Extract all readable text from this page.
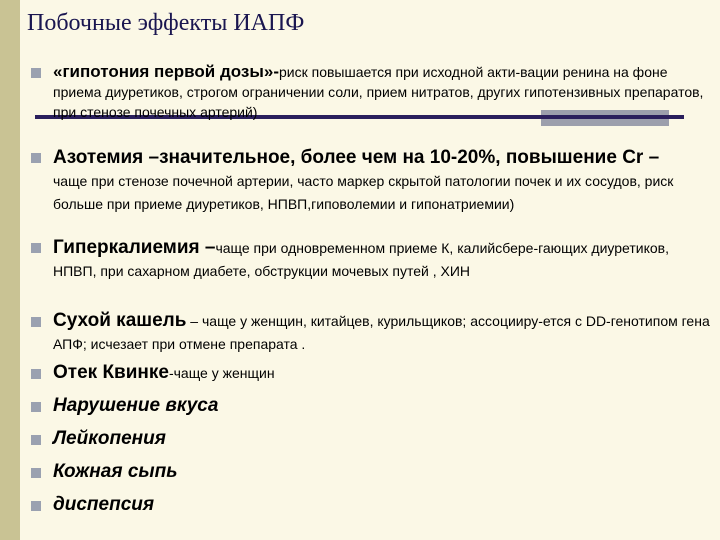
Побочные эффекты ИАПФ
«гипотония первой дозы»-риск повышается при исходной акти-вации ренина на фоне приема диуретиков, строгом ограничении соли, прием нитратов, других гипотензивных препаратов, при стенозе почечных артерий)
Азотемия –значительное, более чем на 10-20%, повышение Cr –
чаще при стенозе почечной артерии, часто маркер скрытой патологии почек и их сосудов, риск больше при приеме диуретиков, НПВП,гиповолемии и гипонатриемии)
Гиперкалиемия –чаще при одновременном приеме К, калийсбере-гающих диуретиков, НПВП, при сахарном диабете, обструкции мочевых путей , ХИН
Сухой кашель – чаще у женщин, китайцев, курильщиков; ассоцииру-ется с DD-генотипом гена АПФ; исчезает при отмене препарата .
Отек Квинке-чаще у женщин
Нарушение вкуса
Лейкопения
Кожная сыпь
диспепсия
